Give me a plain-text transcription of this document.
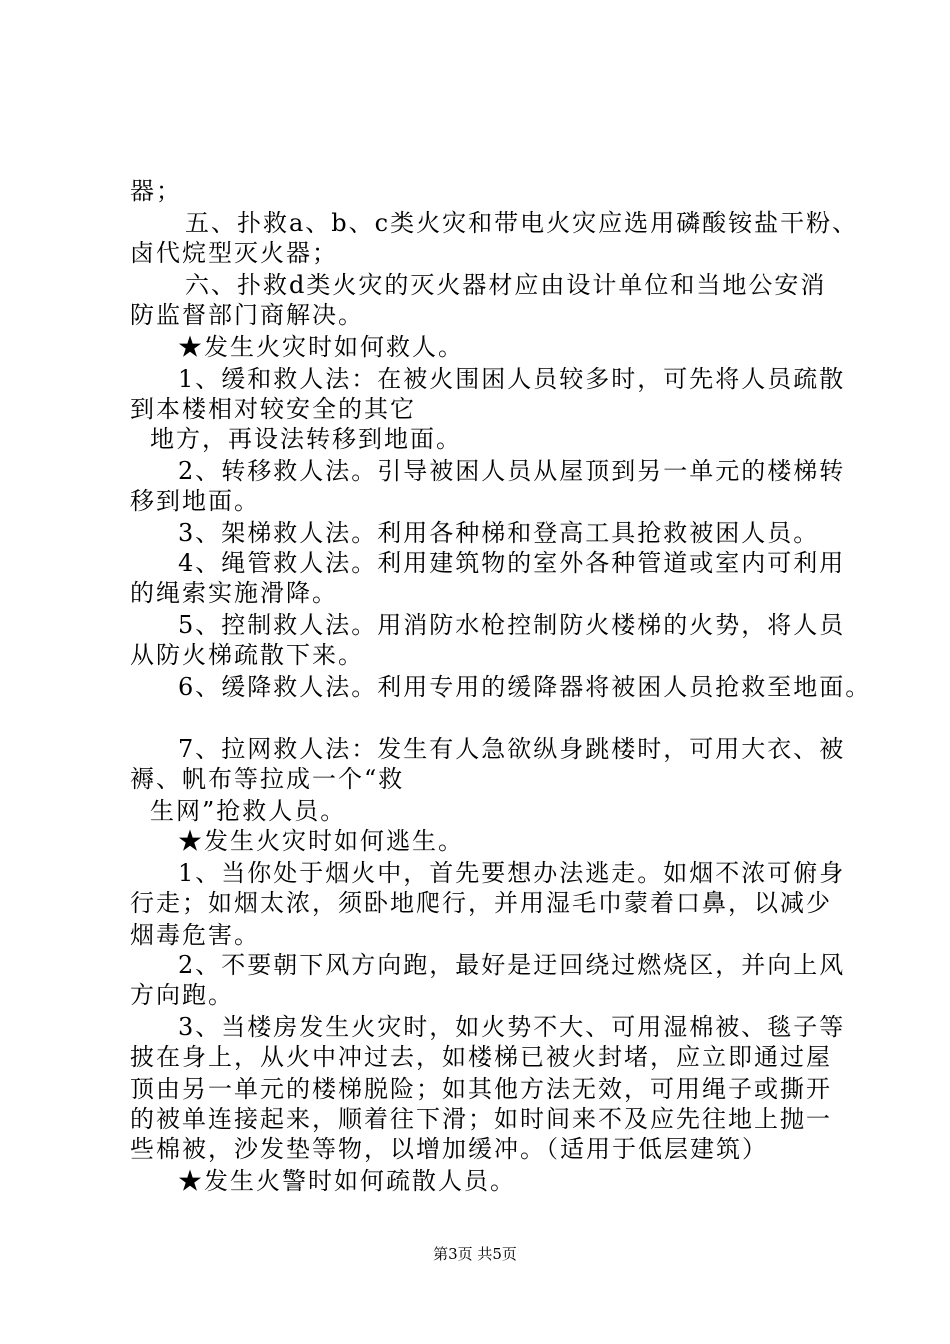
器；
五、扑救a、b、c类火灾和带电火灾应选用磷酸铵盐干粉、
卤代烷型灭火器；
六、扑救d类火灾的灭火器材应由设计单位和当地公安消
防监督部门商解决。
★发生火灾时如何救人。
1、缓和救人法：在被火围困人员较多时，可先将人员疏散
到本楼相对较安全的其它
地方，再设法转移到地面。
2、转移救人法。引导被困人员从屋顶到另一单元的楼梯转
移到地面。
3、架梯救人法。利用各种梯和登高工具抢救被困人员。
4、绳管救人法。利用建筑物的室外各种管道或室内可利用
的绳索实施滑降。
5、控制救人法。用消防水枪控制防火楼梯的火势，将人员
从防火梯疏散下来。
6、缓降救人法。利用专用的缓降器将被困人员抢救至地面。
7、拉网救人法：发生有人急欲纵身跳楼时，可用大衣、被
褥、帆布等拉成一个“救
生网”抢救人员。
★发生火灾时如何逃生。
1、当你处于烟火中，首先要想办法逃走。如烟不浓可俯身
行走；如烟太浓，须卧地爬行，并用湿毛巾蒙着口鼻，以减少
烟毒危害。
2、不要朝下风方向跑，最好是迂回绕过燃烧区，并向上风
方向跑。
3、当楼房发生火灾时，如火势不大、可用湿棉被、毯子等
披在身上，从火中冲过去，如楼梯已被火封堵，应立即通过屋
顶由另一单元的楼梯脱险；如其他方法无效，可用绳子或撕开
的被单连接起来，顺着往下滑；如时间来不及应先往地上抛一
些棉被，沙发垫等物，以增加缓冲。（适用于低层建筑）
★发生火警时如何疏散人员。
第3页 共5页
